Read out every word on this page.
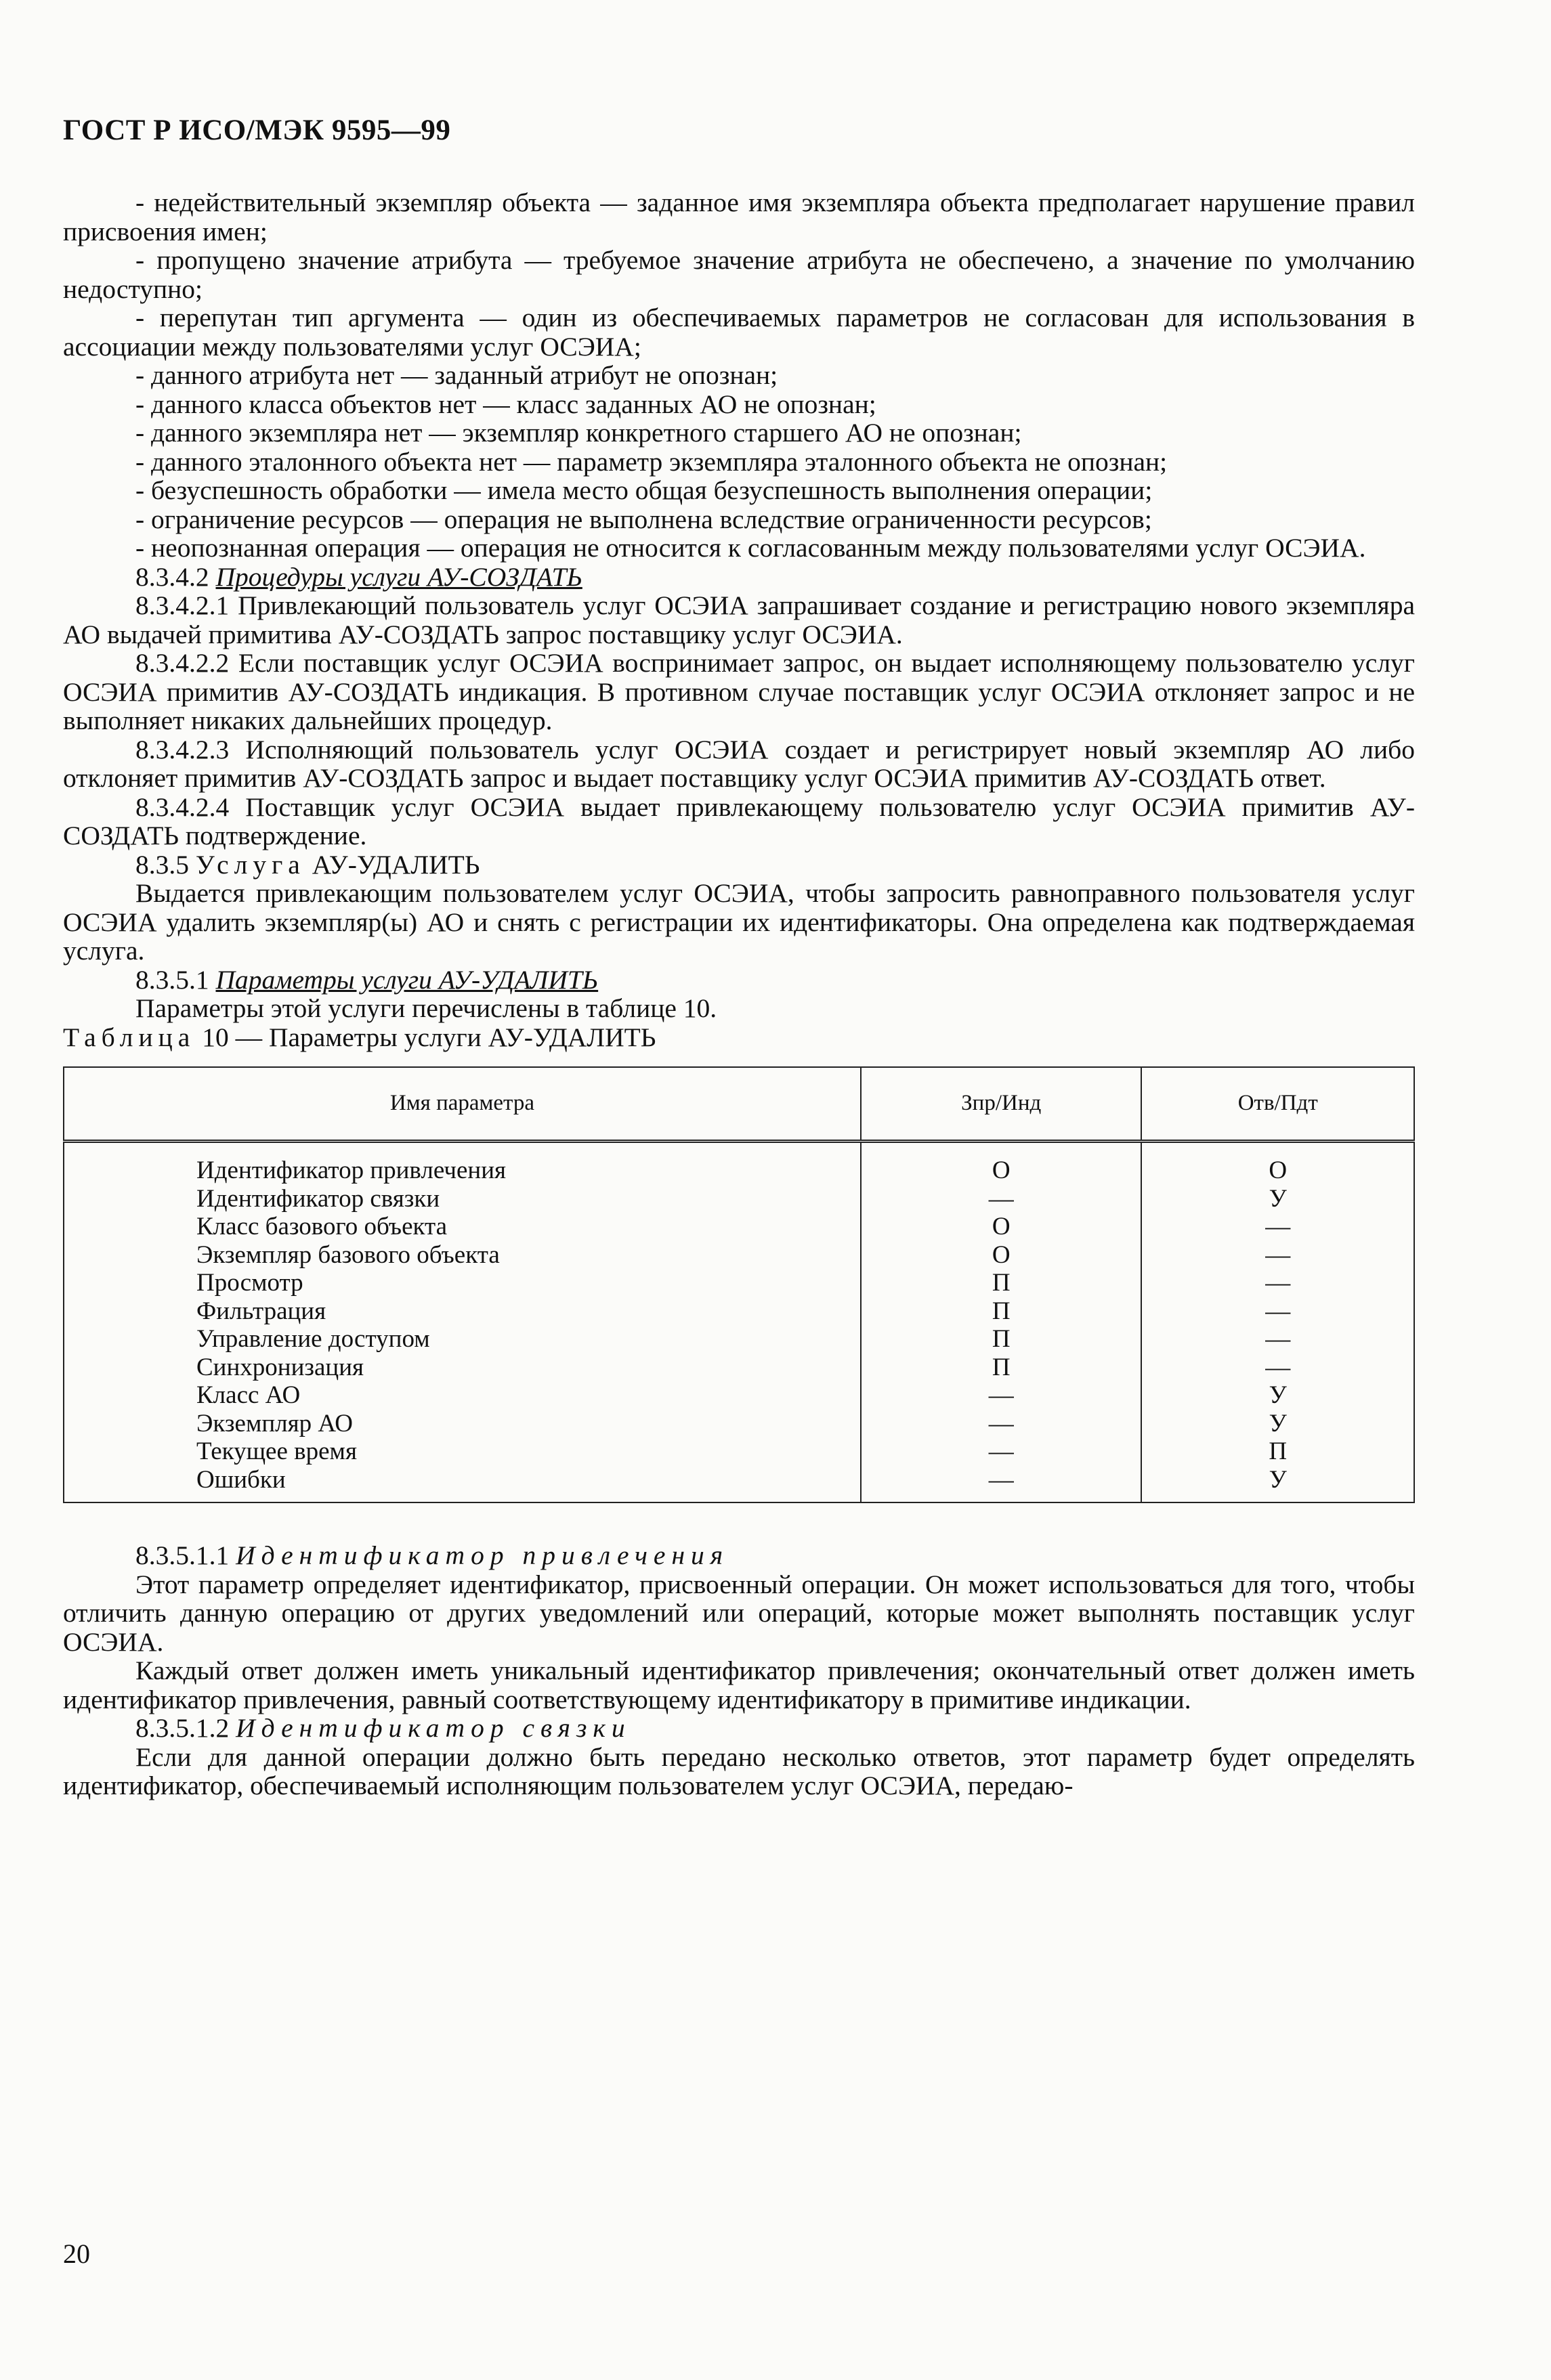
ГОСТ Р ИСО/МЭК 9595—99

- недействительный экземпляр объекта — заданное имя экземпляра объекта предполагает нарушение правил присвоения имен;

- пропущено значение атрибута — требуемое значение атрибута не обеспечено, а значение по умолчанию недоступно;

- перепутан тип аргумента — один из обеспечиваемых параметров не согласован для использования в ассоциации между пользователями услуг ОСЭИА;

- данного атрибута нет — заданный атрибут не опознан;

- данного класса объектов нет — класс заданных АО не опознан;

- данного экземпляра нет — экземпляр конкретного старшего АО не опознан;

- данного эталонного объекта нет — параметр экземпляра эталонного объекта не опознан;

- безуспешность обработки — имела место общая безуспешность выполнения операции;

- ограничение ресурсов — операция не выполнена вследствие ограниченности ресурсов;

- неопознанная операция — операция не относится к согласованным между пользователями услуг ОСЭИА.

8.3.4.2 Процедуры услуги АУ-СОЗДАТЬ

8.3.4.2.1 Привлекающий пользователь услуг ОСЭИА запрашивает создание и регистрацию нового экземпляра АО выдачей примитива АУ-СОЗДАТЬ запрос поставщику услуг ОСЭИА.

8.3.4.2.2 Если поставщик услуг ОСЭИА воспринимает запрос, он выдает исполняющему пользователю услуг ОСЭИА примитив АУ-СОЗДАТЬ индикация. В противном случае поставщик услуг ОСЭИА отклоняет запрос и не выполняет никаких дальнейших процедур.

8.3.4.2.3 Исполняющий пользователь услуг ОСЭИА создает и регистрирует новый экземпляр АО либо отклоняет примитив АУ-СОЗДАТЬ запрос и выдает поставщику услуг ОСЭИА примитив АУ-СОЗДАТЬ ответ.

8.3.4.2.4 Поставщик услуг ОСЭИА выдает привлекающему пользователю услуг ОСЭИА примитив АУ-СОЗДАТЬ подтверждение.

8.3.5 Услуга АУ-УДАЛИТЬ

Выдается привлекающим пользователем услуг ОСЭИА, чтобы запросить равноправного пользователя услуг ОСЭИА удалить экземпляр(ы) АО и снять с регистрации их идентификаторы. Она определена как подтверждаемая услуга.

8.3.5.1 Параметры услуги АУ-УДАЛИТЬ

Параметры этой услуги перечислены в таблице 10.

Таблица 10 — Параметры услуги АУ-УДАЛИТЬ

Имя параметра	Зпр/Инд	Отв/Пдт
Идентификатор привлечения	О	О
Идентификатор связки	—	У
Класс базового объекта	О	—
Экземпляр базового объекта	О	—
Просмотр	П	—
Фильтрация	П	—
Управление доступом	П	—
Синхронизация	П	—
Класс АО	—	У
Экземпляр АО	—	У
Текущее время	—	П
Ошибки	—	У

8.3.5.1.1 Идентификатор привлечения

Этот параметр определяет идентификатор, присвоенный операции. Он может использоваться для того, чтобы отличить данную операцию от других уведомлений или операций, которые может выполнять поставщик услуг ОСЭИА.

Каждый ответ должен иметь уникальный идентификатор привлечения; окончательный ответ должен иметь идентификатор привлечения, равный соответствующему идентификатору в примитиве индикации.

8.3.5.1.2 Идентификатор связки

Если для данной операции должно быть передано несколько ответов, этот параметр будет определять идентификатор, обеспечиваемый исполняющим пользователем услуг ОСЭИА, передаю-

20
